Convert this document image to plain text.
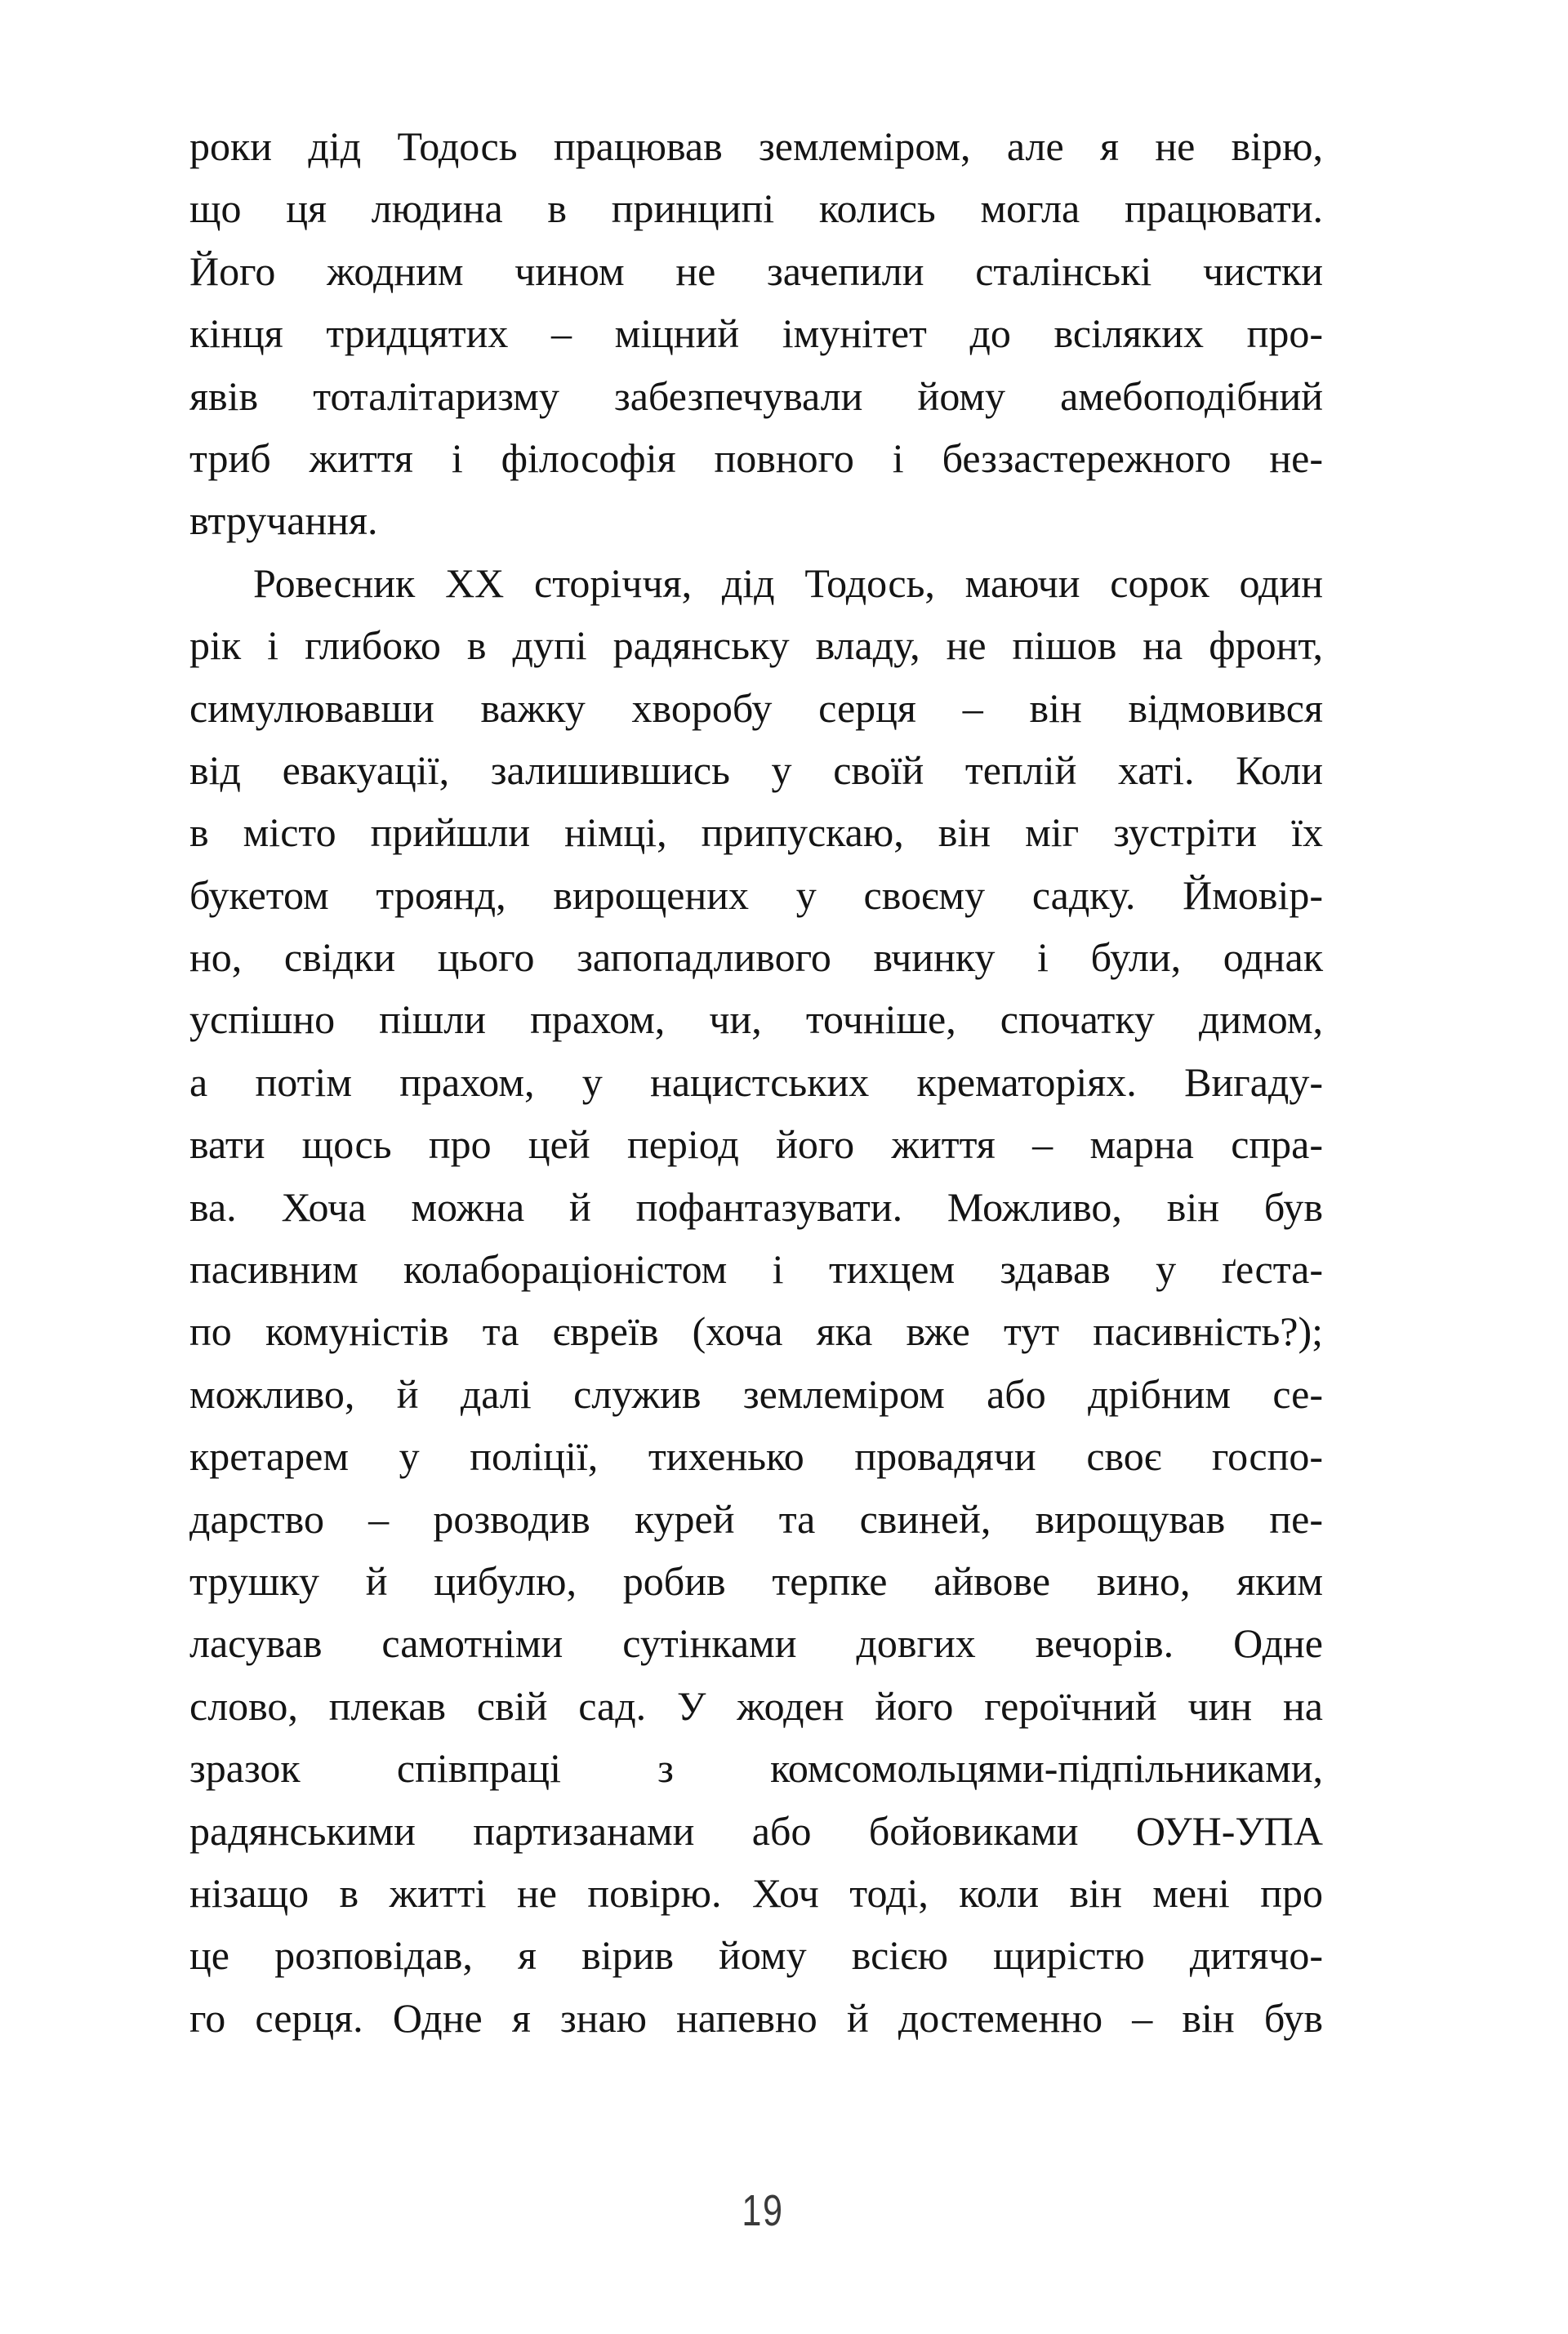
роки дід Тодось працював землеміром, але я не вірю,
що ця людина в принципі колись могла працювати.
Його жодним чином не зачепили сталінські чистки
кінця тридцятих – міцний імунітет до всіляких про-
явів тоталітаризму забезпечували йому амебоподібний
триб життя і філософія повного і беззастережного не-
втручання.
Ровесник XX сторіччя, дід Тодось, маючи сорок один
рік і глибоко в дупі радянську владу, не пішов на фронт,
симулювавши важку хворобу серця – він відмовився
від евакуації, залишившись у своїй теплій хаті. Коли
в місто прийшли німці, припускаю, він міг зустріти їх
букетом троянд, вирощених у своєму садку. Ймовір-
но, свідки цього запопадливого вчинку і були, однак
успішно пішли прахом, чи, точніше, спочатку димом,
а потім прахом, у нацистських крематоріях. Вигаду-
вати щось про цей період його життя – марна спра-
ва. Хоча можна й пофантазувати. Можливо, він був
пасивним колабораціоністом і тихцем здавав у ґеста-
по комуністів та євреїв (хоча яка вже тут пасивність?);
можливо, й далі служив землеміром або дрібним се-
кретарем у поліції, тихенько провадячи своє госпо-
дарство – розводив курей та свиней, вирощував пе-
трушку й цибулю, робив терпке айвове вино, яким
ласував самотніми сутінками довгих вечорів. Одне
слово, плекав свій сад. У жоден його героїчний чин на
зразок співпраці з комсомольцями-підпільниками,
радянськими партизанами або бойовиками ОУН-УПА
нізащо в житті не повірю. Хоч тоді, коли він мені про
це розповідав, я вірив йому всією щирістю дитячо-
го серця. Одне я знаю напевно й достеменно – він був
19
